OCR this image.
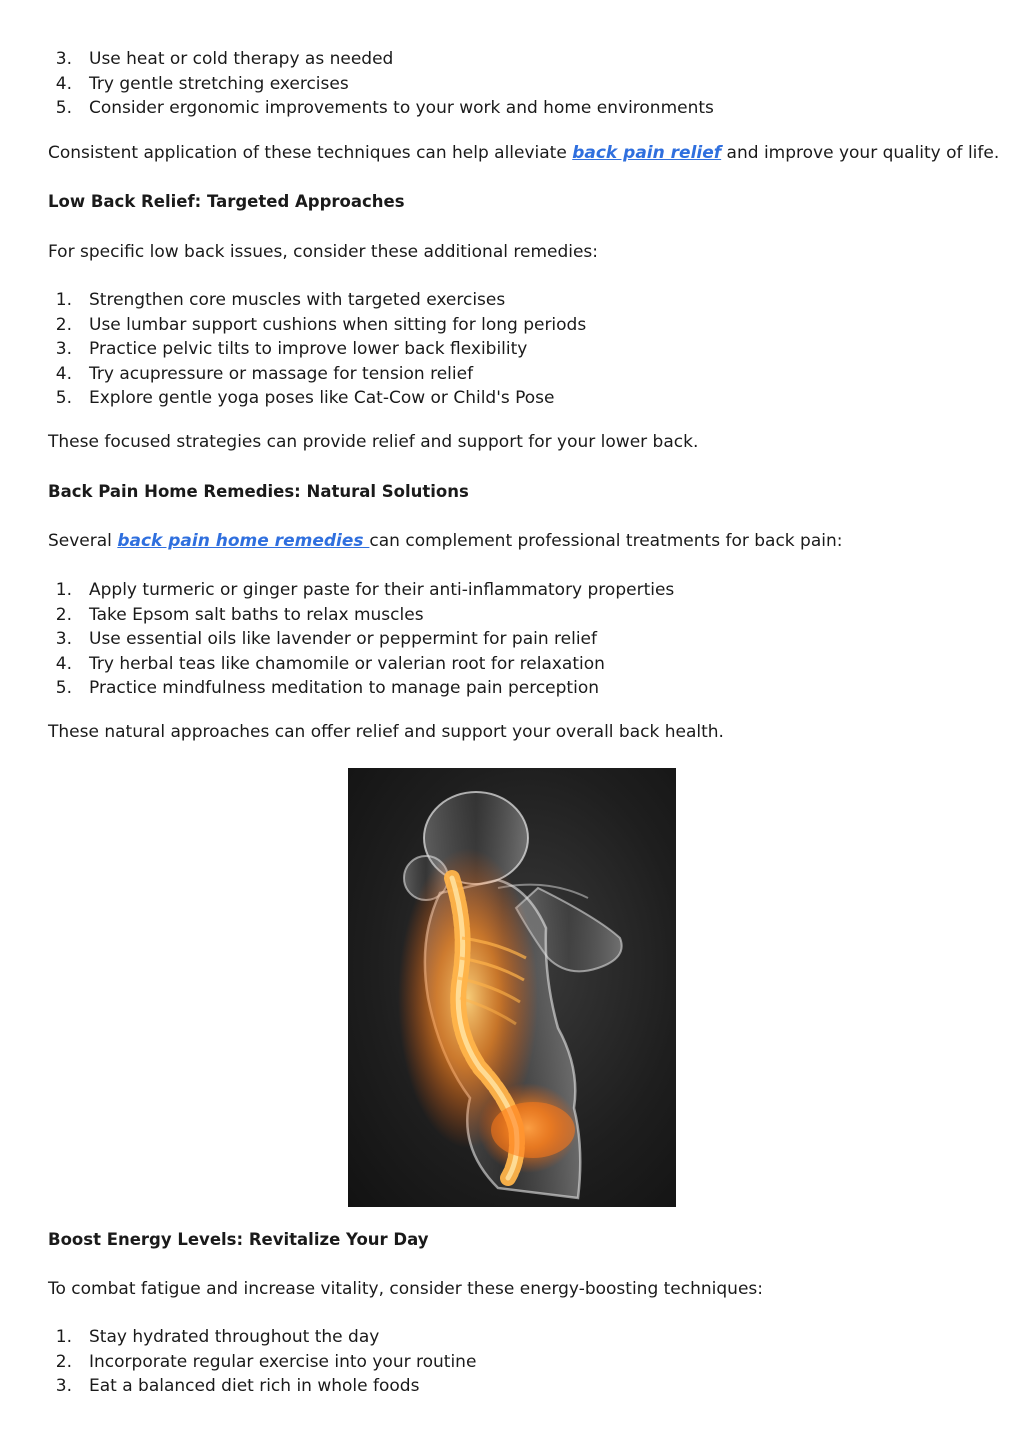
3. Use heat or cold therapy as needed
4. Try gentle stretching exercises
5. Consider ergonomic improvements to your work and home environments

Consistent application of these techniques can help alleviate back pain relief and improve your quality of life.

Low Back Relief: Targeted Approaches

For specific low back issues, consider these additional remedies:

1. Strengthen core muscles with targeted exercises
2. Use lumbar support cushions when sitting for long periods
3. Practice pelvic tilts to improve lower back flexibility
4. Try acupressure or massage for tension relief
5. Explore gentle yoga poses like Cat-Cow or Child's Pose

These focused strategies can provide relief and support for your lower back.

Back Pain Home Remedies: Natural Solutions

Several back pain home remedies can complement professional treatments for back pain:

1. Apply turmeric or ginger paste for their anti-inflammatory properties
2. Take Epsom salt baths to relax muscles
3. Use essential oils like lavender or peppermint for pain relief
4. Try herbal teas like chamomile or valerian root for relaxation
5. Practice mindfulness meditation to manage pain perception

These natural approaches can offer relief and support your overall back health.

Boost Energy Levels: Revitalize Your Day

To combat fatigue and increase vitality, consider these energy-boosting techniques:

1. Stay hydrated throughout the day
2. Incorporate regular exercise into your routine
3. Eat a balanced diet rich in whole foods
